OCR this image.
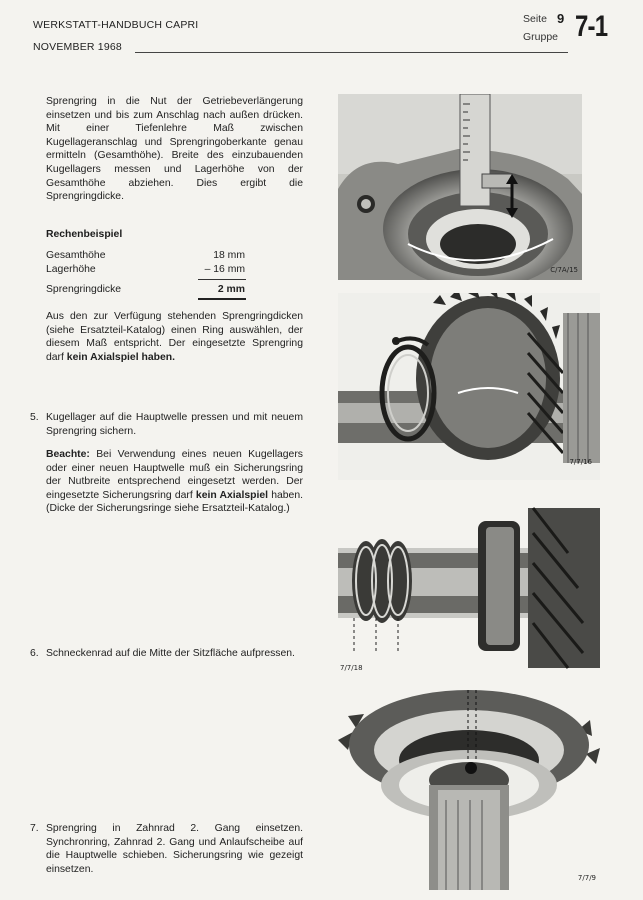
WERKSTATT-HANDBUCH CAPRI
NOVEMBER 1968
Seite 9
Gruppe 7-1
Sprengring in die Nut der Getriebeverlängerung einsetzen und bis zum Anschlag nach außen drücken. Mit einer Tiefenlehre Maß zwischen Kugellageranschlag und Sprengringoberkante genau ermitteln (Gesamthöhe). Breite des einzubauenden Kugellagers messen und Lagerhöhe von der Gesamthöhe abziehen. Dies ergibt die Sprengringdicke.
Rechenbeispiel
Gesamthöhe	18 mm
Lagerhöhe	– 16 mm
Sprengringdicke	2 mm
Aus den zur Verfügung stehenden Sprengringdicken (siehe Ersatzteil-Katalog) einen Ring auswählen, der diesem Maß entspricht. Der eingesetzte Sprengring darf kein Axialspiel haben.
5. Kugellager auf die Hauptwelle pressen und mit neuem Sprengring sichern.
Beachte: Bei Verwendung eines neuen Kugellagers oder einer neuen Hauptwelle muß ein Sicherungsring der Nutbreite entsprechend eingesetzt werden. Der eingesetzte Sicherungsring darf kein Axialspiel haben. (Dicke der Sicherungsringe siehe Ersatzteil-Katalog.)
6. Schneckenrad auf die Mitte der Sitzfläche aufpressen.
7. Sprengring in Zahnrad 2. Gang einsetzen. Synchronring, Zahnrad 2. Gang und Anlaufscheibe auf die Hauptwelle schieben. Sicherungsring wie gezeigt einsetzen.
C/7A/15
7/7/16
7/7/18
7/7/9
